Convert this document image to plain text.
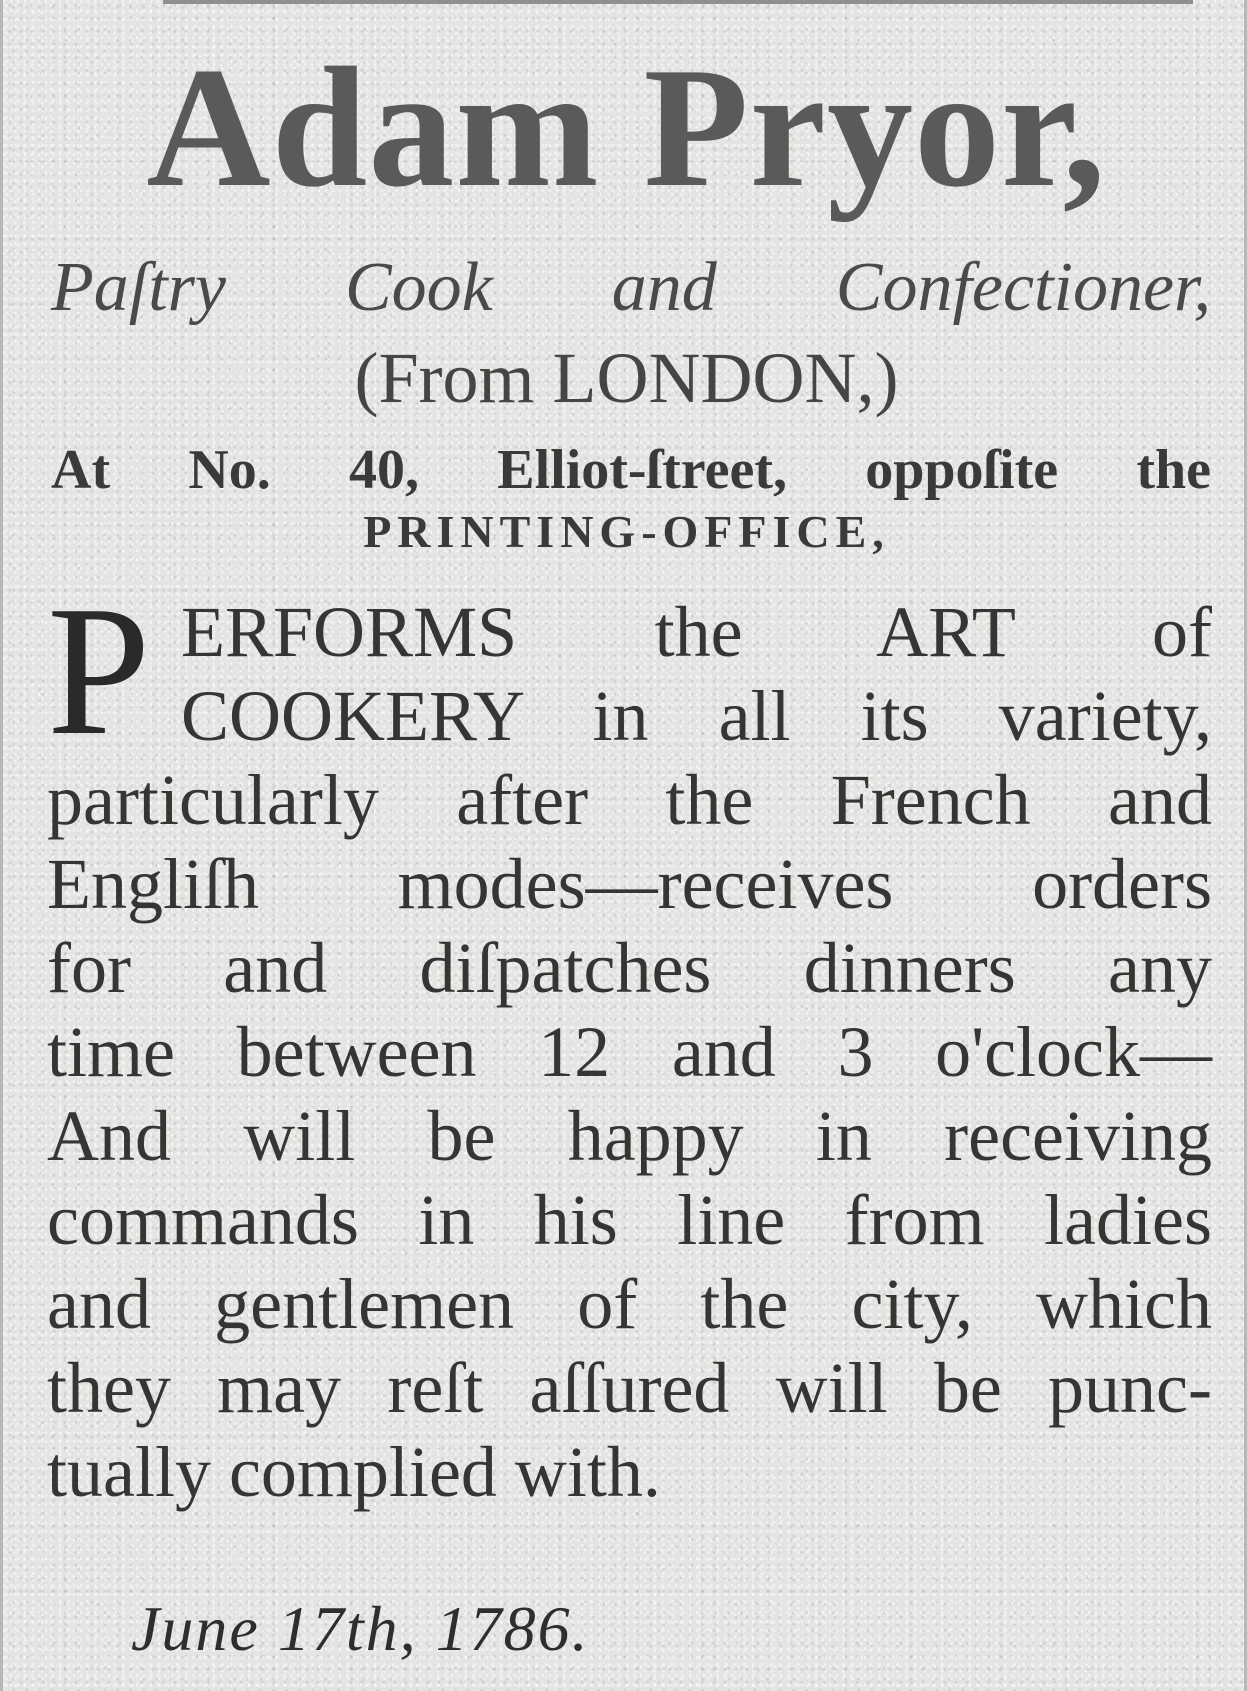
Adam Pryor,

Paſtry Cook and Confectioner,

(From LONDON,)

At No. 40, Elliot-ſtreet, oppoſite the

PRINTING-OFFICE,

P ERFORMS the ART of

COOKERY in all its variety,

particularly after the French and

Engliſh modes—receives orders

for and diſpatches dinners any

time between 12 and 3 o'clock—

And will be happy in receiving

commands in his line from ladies

and gentlemen of the city, which

they may reſt aſſured will be punc-

tually complied with.

June 17th, 1786.
